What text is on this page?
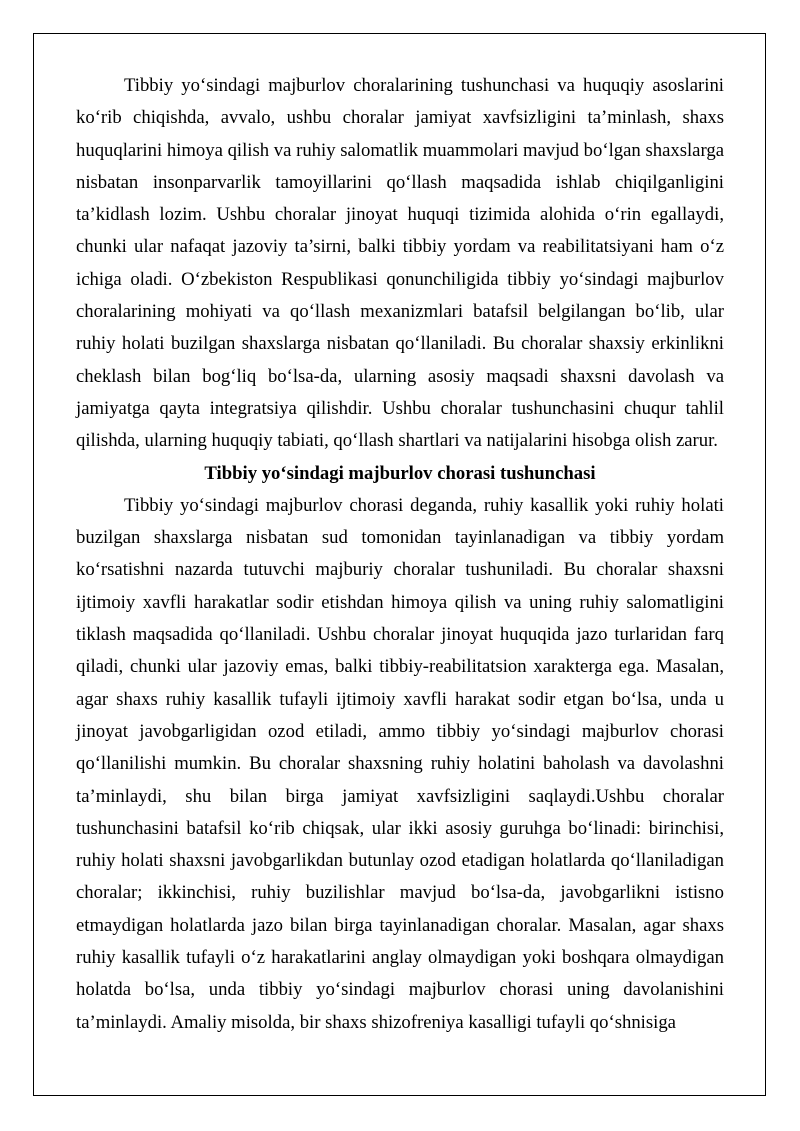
Tibbiy yo‘sindagi majburlov choralarining tushunchasi va huquqiy asoslarini ko‘rib chiqishda, avvalo, ushbu choralar jamiyat xavfsizligini ta’minlash, shaxs huquqlarini himoya qilish va ruhiy salomatlik muammolari mavjud bo‘lgan shaxslarga nisbatan insonparvarlik tamoyillarini qo‘llash maqsadida ishlab chiqilganligini ta’kidlash lozim. Ushbu choralar jinoyat huquqi tizimida alohida o‘rin egallaydi, chunki ular nafaqat jazoviy ta’sirni, balki tibbiy yordam va reabilitatsiyani ham o‘z ichiga oladi. O‘zbekiston Respublikasi qonunchiligida tibbiy yo‘sindagi majburlov choralarining mohiyati va qo‘llash mexanizmlari batafsil belgilangan bo‘lib, ular ruhiy holati buzilgan shaxslarga nisbatan qo‘llaniladi. Bu choralar shaxsiy erkinlikni cheklash bilan bog‘liq bo‘lsa-da, ularning asosiy maqsadi shaxsni davolash va jamiyatga qayta integratsiya qilishdir. Ushbu choralar tushunchasini chuqur tahlil qilishda, ularning huquqiy tabiati, qo‘llash shartlari va natijalarini hisobga olish zarur.

Tibbiy yo‘sindagi majburlov chorasi tushunchasi

Tibbiy yo‘sindagi majburlov chorasi deganda, ruhiy kasallik yoki ruhiy holati buzilgan shaxslarga nisbatan sud tomonidan tayinlanadigan va tibbiy yordam ko‘rsatishni nazarda tutuvchi majburiy choralar tushuniladi. Bu choralar shaxsni ijtimoiy xavfli harakatlar sodir etishdan himoya qilish va uning ruhiy salomatligini tiklash maqsadida qo‘llaniladi. Ushbu choralar jinoyat huquqida jazo turlaridan farq qiladi, chunki ular jazoviy emas, balki tibbiy-reabilitatsion xarakterga ega. Masalan, agar shaxs ruhiy kasallik tufayli ijtimoiy xavfli harakat sodir etgan bo‘lsa, unda u jinoyat javobgarligidan ozod etiladi, ammo tibbiy yo‘sindagi majburlov chorasi qo‘llanilishi mumkin. Bu choralar shaxsning ruhiy holatini baholash va davolashni ta’minlaydi, shu bilan birga jamiyat xavfsizligini saqlaydi.Ushbu choralar tushunchasini batafsil ko‘rib chiqsak, ular ikki asosiy guruhga bo‘linadi: birinchisi, ruhiy holati shaxsni javobgarlikdan butunlay ozod etadigan holatlarda qo‘llaniladigan choralar; ikkinchisi, ruhiy buzilishlar mavjud bo‘lsa-da, javobgarlikni istisno etmaydigan holatlarda jazo bilan birga tayinlanadigan choralar. Masalan, agar shaxs ruhiy kasallik tufayli o‘z harakatlarini anglay olmaydigan yoki boshqara olmaydigan holatda bo‘lsa, unda tibbiy yo‘sindagi majburlov chorasi uning davolanishini ta’minlaydi. Amaliy misolda, bir shaxs shizofreniya kasalligi tufayli qo‘shnisiga
